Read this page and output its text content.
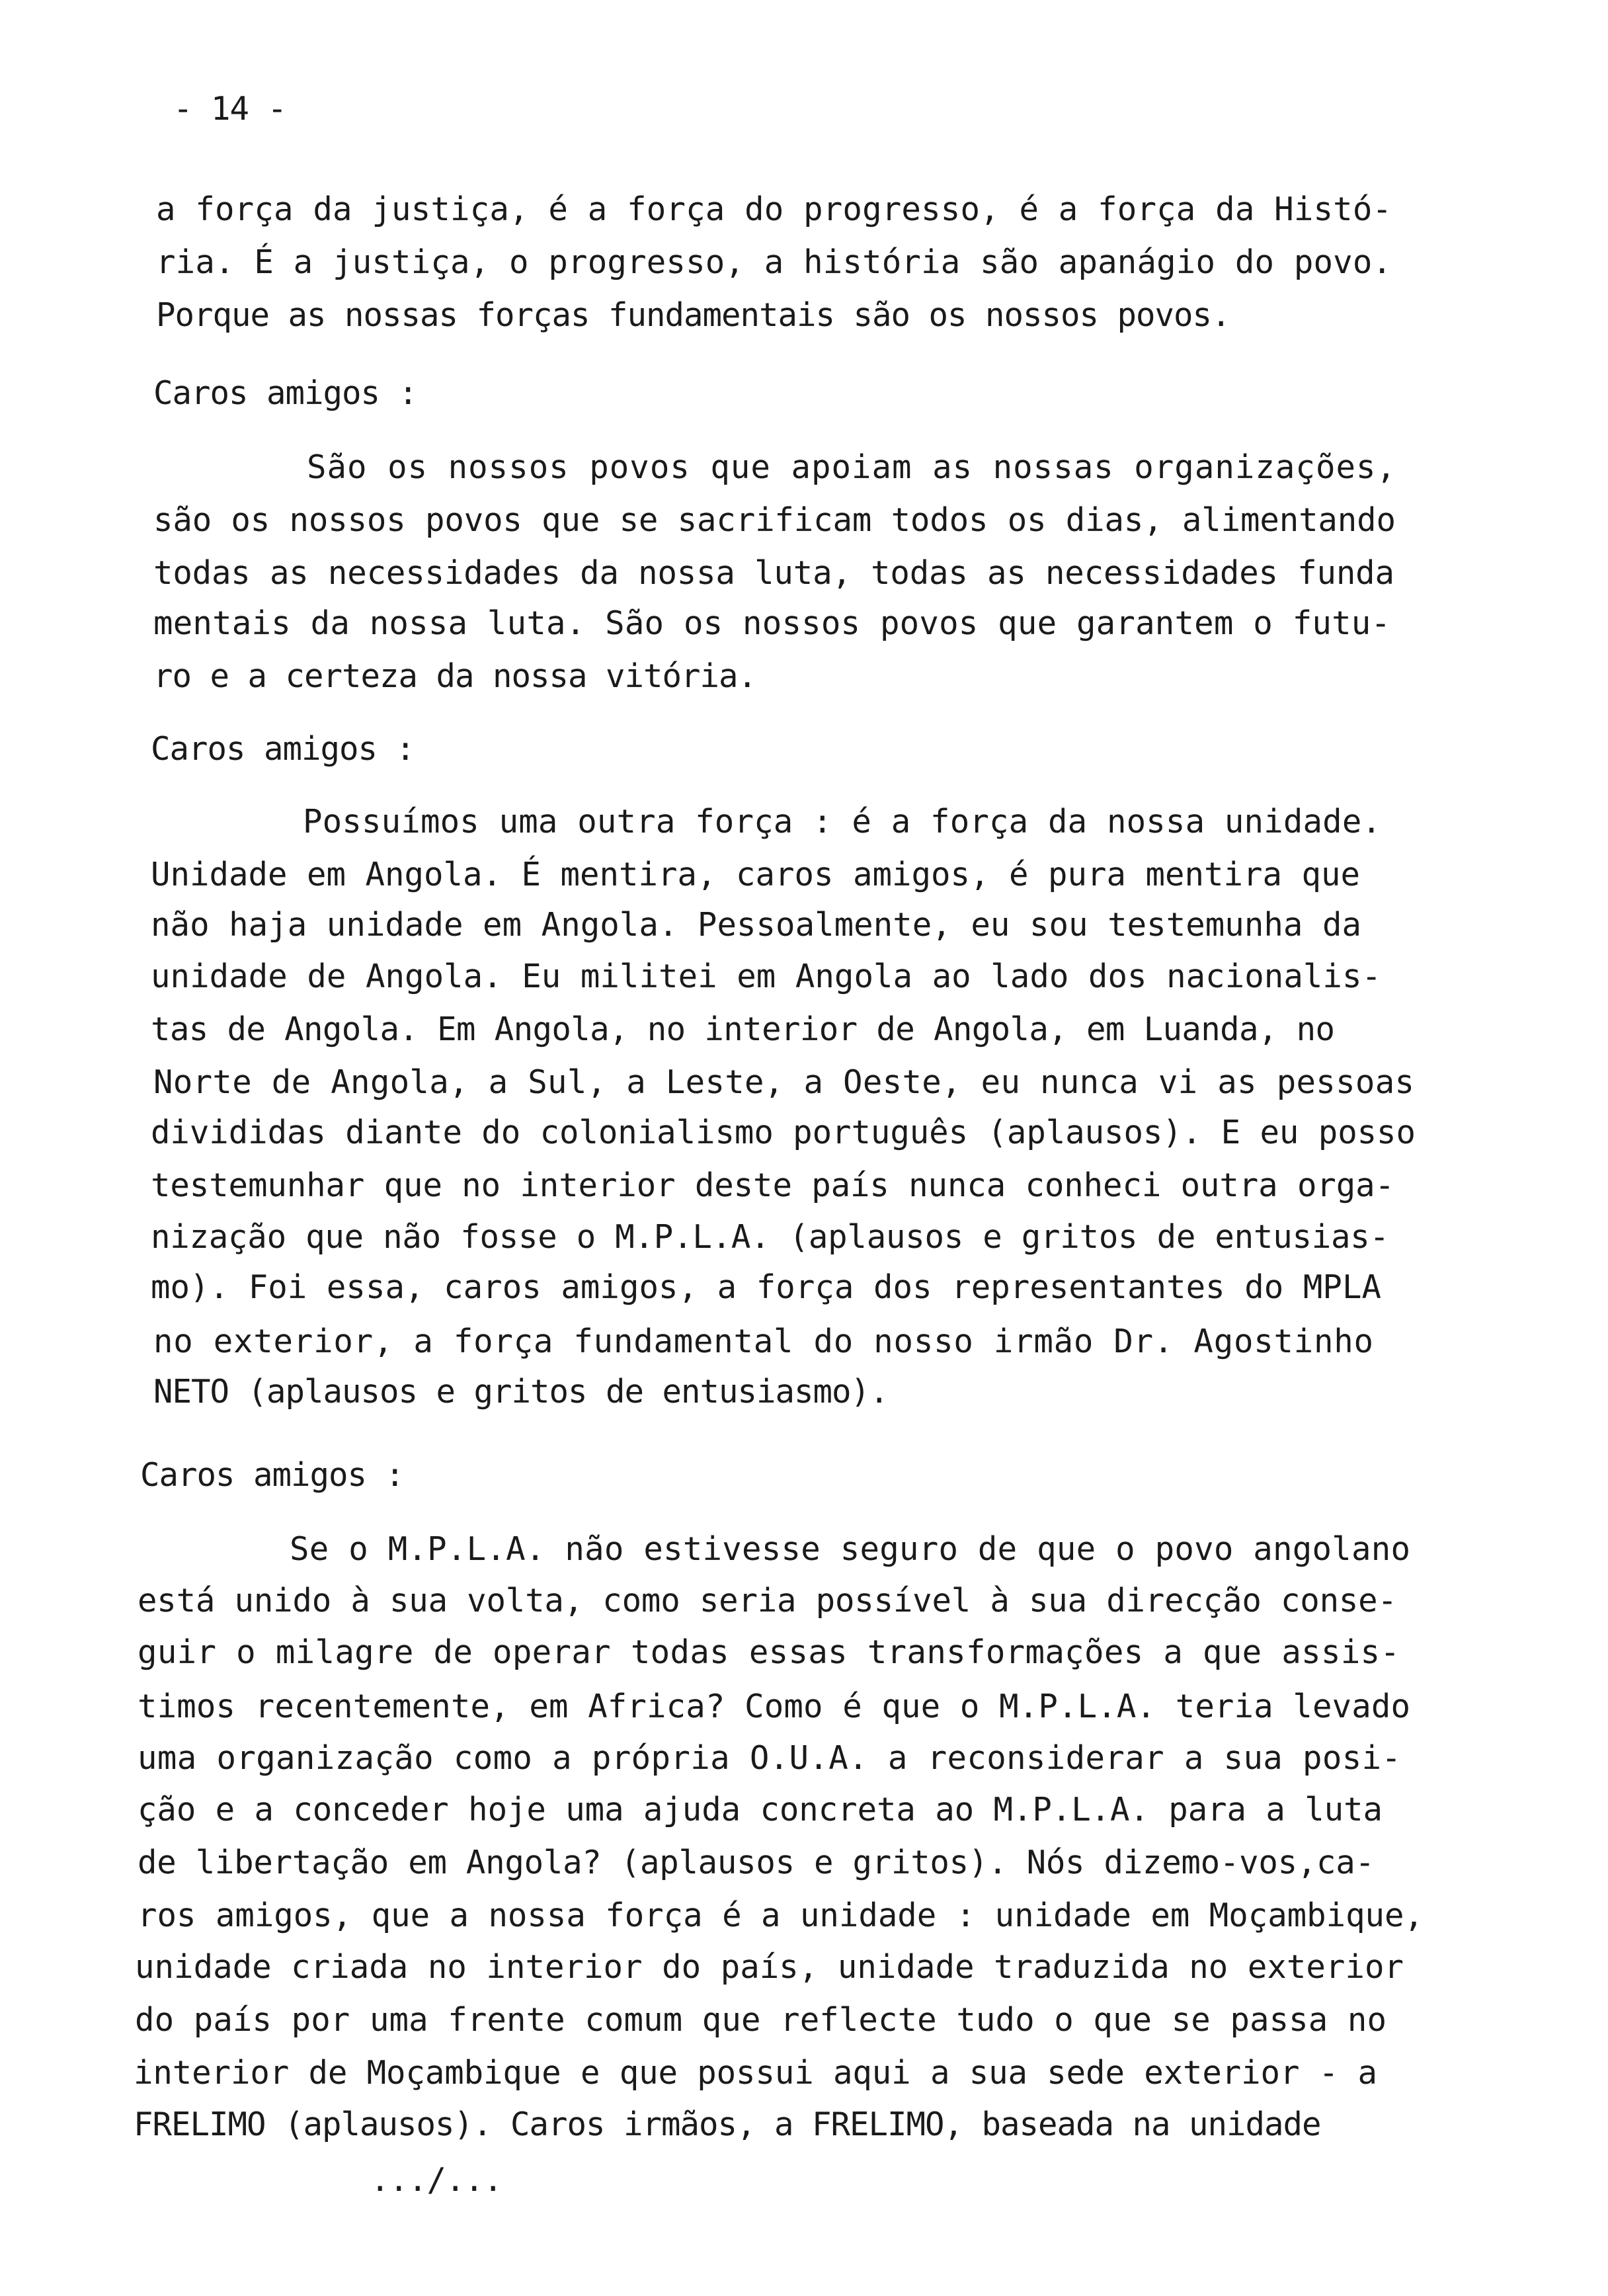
- 14 -
a força da justiça, é a força do progresso, é a força da Histó-
ria. É a justiça, o progresso, a história são apanágio do povo.
Porque as nossas forças fundamentais são os nossos povos.
Caros amigos :
São os nossos povos que apoiam as nossas organizações,
são os nossos povos que se sacrificam todos os dias, alimentando
todas as necessidades da nossa luta, todas as necessidades funda
mentais da nossa luta. São os nossos povos que garantem o futu-
ro e a certeza da nossa vitória.
Caros amigos :
Possuímos uma outra força : é a força da nossa unidade.
Unidade em Angola. É mentira, caros amigos, é pura mentira que
não haja unidade em Angola. Pessoalmente, eu sou testemunha da
unidade de Angola. Eu militei em Angola ao lado dos nacionalis-
tas de Angola. Em Angola, no interior de Angola, em Luanda, no
Norte de Angola, a Sul, a Leste, a Oeste, eu nunca vi as pessoas
divididas diante do colonialismo português (aplausos). E eu posso
testemunhar que no interior deste país nunca conheci outra orga-
nização que não fosse o M.P.L.A. (aplausos e gritos de entusias-
mo). Foi essa, caros amigos, a força dos representantes do MPLA
no exterior, a força fundamental do nosso irmão Dr. Agostinho
NETO (aplausos e gritos de entusiasmo).
Caros amigos :
Se o M.P.L.A. não estivesse seguro de que o povo angolano
está unido à sua volta, como seria possível à sua direcção conse-
guir o milagre de operar todas essas transformações a que assis-
timos recentemente, em Africa? Como é que o M.P.L.A. teria levado
uma organização como a própria O.U.A. a reconsiderar a sua posi-
ção e a conceder hoje uma ajuda concreta ao M.P.L.A. para a luta
de libertação em Angola? (aplausos e gritos). Nós dizemo-vos,ca-
ros amigos, que a nossa força é a unidade : unidade em Moçambique,
unidade criada no interior do país, unidade traduzida no exterior
do país por uma frente comum que reflecte tudo o que se passa no
interior de Moçambique e que possui aqui a sua sede exterior - a
FRELIMO (aplausos). Caros irmãos, a FRELIMO, baseada na unidade
.../...
